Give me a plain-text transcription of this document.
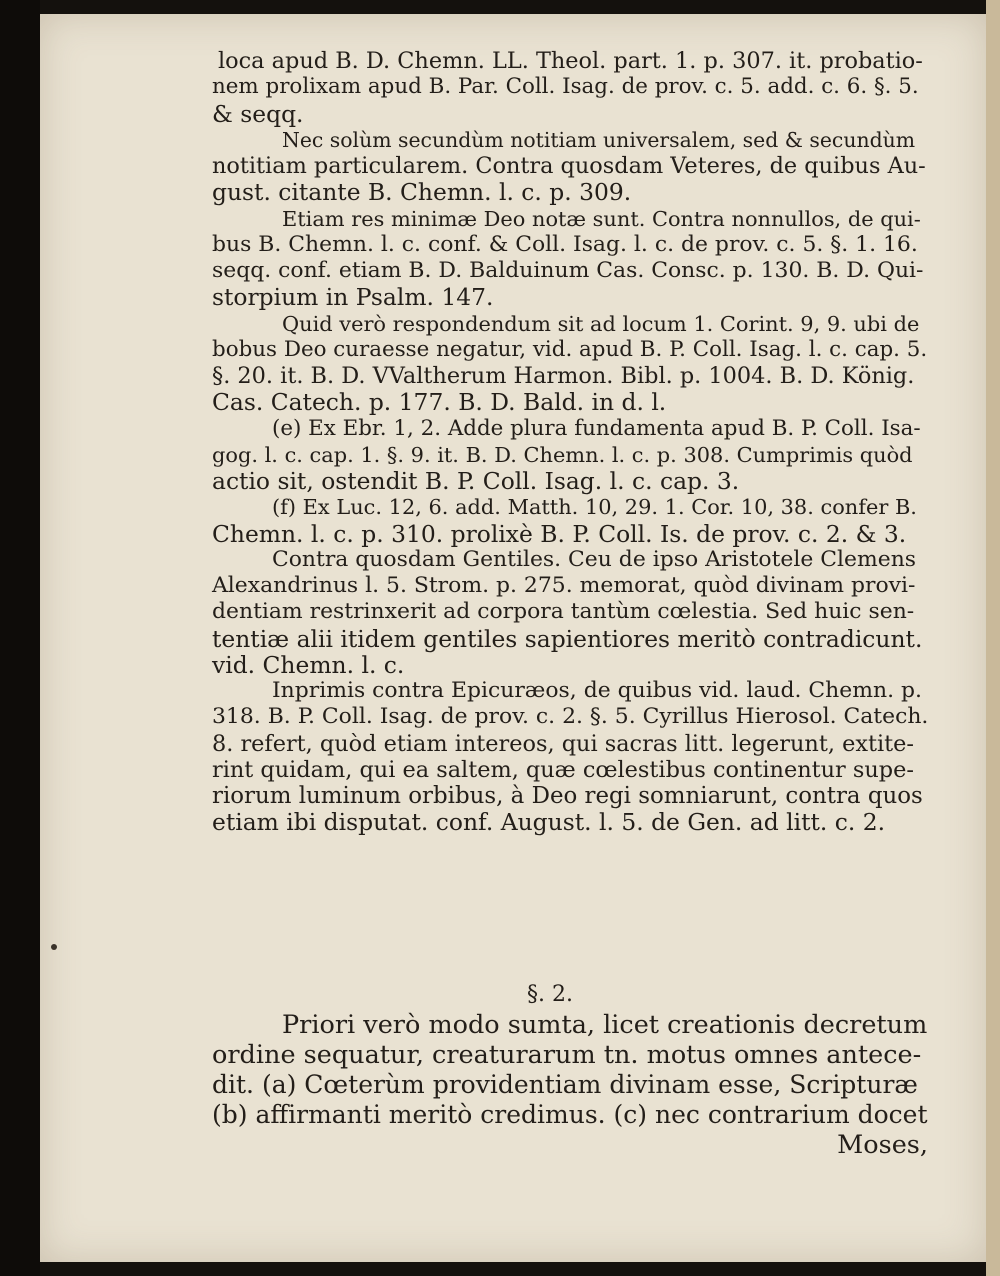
loca apud B. D. Chemn. LL. Theol. part. 1. p. 307. it. probatio-
nem prolixam apud B. Par. Coll. Isag. de prov. c. 5. add. c. 6. §. 5.
& seqq.
Nec solùm secundùm notitiam universalem, sed & secundùm
notitiam particularem. Contra quosdam Veteres, de quibus Au-
gust. citante B. Chemn. l. c. p. 309.
Etiam res minimæ Deo notæ sunt. Contra nonnullos, de qui-
bus B. Chemn. l. c. conf. & Coll. Isag. l. c. de prov. c. 5. §. 1. 16.
seqq. conf. etiam B. D. Balduinum Cas. Consc. p. 130. B. D. Qui-
storpium in Psalm. 147.
Quid verò respondendum sit ad locum 1. Corint. 9, 9. ubi de
bobus Deo curaesse negatur, vid. apud B. P. Coll. Isag. l. c. cap. 5.
§. 20. it. B. D. VValtherum Harmon. Bibl. p. 1004. B. D. König.
Cas. Catech. p. 177. B. D. Bald. in d. l.
(e) Ex Ebr. 1, 2. Adde plura fundamenta apud B. P. Coll. Isa-
gog. l. c. cap. 1. §. 9. it. B. D. Chemn. l. c. p. 308. Cumprimis quòd
actio sit, ostendit B. P. Coll. Isag. l. c. cap. 3.
(f) Ex Luc. 12, 6. add. Matth. 10, 29. 1. Cor. 10, 38. confer B.
Chemn. l. c. p. 310. prolixè B. P. Coll. Is. de prov. c. 2. & 3.
Contra quosdam Gentiles. Ceu de ipso Aristotele Clemens
Alexandrinus l. 5. Strom. p. 275. memorat, quòd divinam provi-
dentiam restrinxerit ad corpora tantùm cœlestia. Sed huic sen-
tentiæ alii itidem gentiles sapientiores meritò contradicunt.
vid. Chemn. l. c.
Inprimis contra Epicuræos, de quibus vid. laud. Chemn. p.
318. B. P. Coll. Isag. de prov. c. 2. §. 5. Cyrillus Hierosol. Catech.
8. refert, quòd etiam intereos, qui sacras litt. legerunt, extite-
rint quidam, qui ea saltem, quæ cœlestibus continentur supe-
riorum luminum orbibus, à Deo regi somniarunt, contra quos
etiam ibi disputat. conf. August. l. 5. de Gen. ad litt. c. 2.
§. 2.
Priori verò modo sumta, licet creationis decretum
ordine sequatur, creaturarum tn. motus omnes antece-
dit. (a) Cœterùm providentiam divinam esse, Scripturæ
(b) affirmanti meritò credimus. (c) nec contrarium docet
Moses,
